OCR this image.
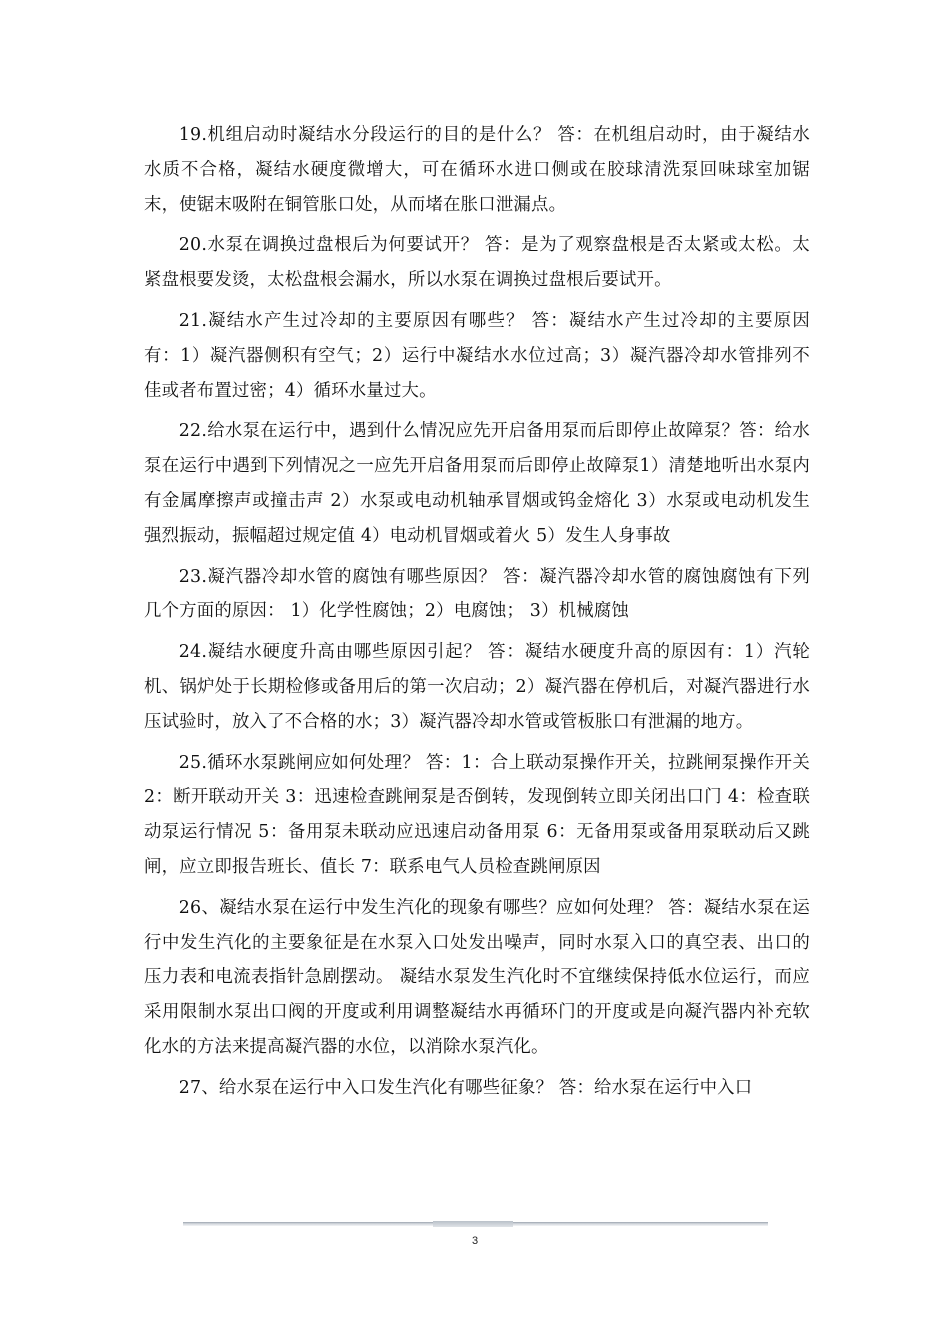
19.机组启动时凝结水分段运行的目的是什么？ 答：在机组启动时，由于凝结水水质不合格，凝结水硬度微增大，可在循环水进口侧或在胶球清洗泵回味球室加锯末，使锯末吸附在铜管胀口处，从而堵在胀口泄漏点。

20.水泵在调换过盘根后为何要试开？ 答：是为了观察盘根是否太紧或太松。太紧盘根要发烫，太松盘根会漏水，所以水泵在调换过盘根后要试开。

21.凝结水产生过冷却的主要原因有哪些？ 答：凝结水产生过冷却的主要原因有：1）凝汽器侧积有空气；2）运行中凝结水水位过高；3）凝汽器冷却水管排列不佳或者布置过密；4）循环水量过大。

22.给水泵在运行中，遇到什么情况应先开启备用泵而后即停止故障泵？答：给水泵在运行中遇到下列情况之一应先开启备用泵而后即停止故障泵1）清楚地听出水泵内有金属摩擦声或撞击声 2）水泵或电动机轴承冒烟或钨金熔化 3）水泵或电动机发生强烈振动，振幅超过规定值 4）电动机冒烟或着火 5）发生人身事故

23.凝汽器冷却水管的腐蚀有哪些原因？ 答：凝汽器冷却水管的腐蚀腐蚀有下列几个方面的原因： 1）化学性腐蚀；2）电腐蚀； 3）机械腐蚀

24.凝结水硬度升高由哪些原因引起？ 答：凝结水硬度升高的原因有：1）汽轮机、锅炉处于长期检修或备用后的第一次启动；2）凝汽器在停机后，对凝汽器进行水压试验时，放入了不合格的水；3）凝汽器冷却水管或管板胀口有泄漏的地方。

25.循环水泵跳闸应如何处理？ 答：1：合上联动泵操作开关，拉跳闸泵操作开关 2：断开联动开关 3：迅速检查跳闸泵是否倒转，发现倒转立即关闭出口门 4：检查联动泵运行情况 5：备用泵未联动应迅速启动备用泵 6：无备用泵或备用泵联动后又跳闸，应立即报告班长、值长 7：联系电气人员检查跳闸原因

26、凝结水泵在运行中发生汽化的现象有哪些？应如何处理？ 答：凝结水泵在运行中发生汽化的主要象征是在水泵入口处发出噪声，同时水泵入口的真空表、出口的压力表和电流表指针急剧摆动。 凝结水泵发生汽化时不宜继续保持低水位运行，而应采用限制水泵出口阀的开度或利用调整凝结水再循环门的开度或是向凝汽器内补充软化水的方法来提高凝汽器的水位，以消除水泵汽化。

27、给水泵在运行中入口发生汽化有哪些征象？ 答：给水泵在运行中入口

3
